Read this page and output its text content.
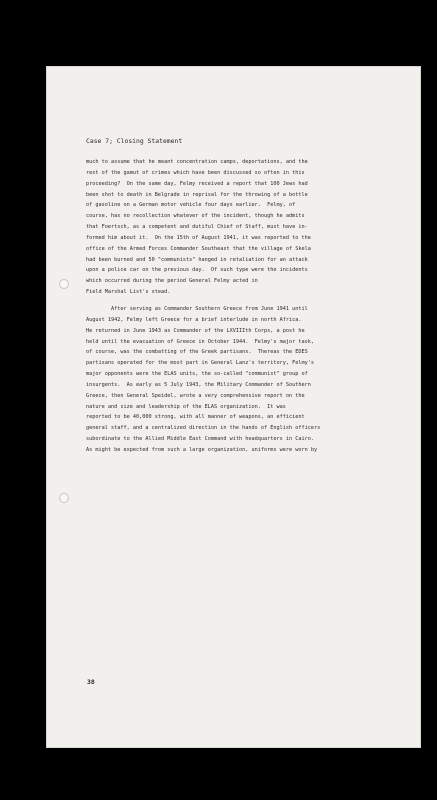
Case 7; Closing Statement
much to assume that he meant concentration camps, deportations, and the
rest of the gamut of crimes which have been discussed so often in this
proceeding?  On the same day, Felmy received a report that 100 Jews had
been shot to death in Belgrade in reprisal for the throwing of a bottle
of gasoline on a German motor vehicle four days earlier.  Felmy, of
course, has no recollection whatever of the incident, though he admits
that Foertsch, as a competent and dutiful Chief of Staff, must have in-
formed him about it.  On the 15th of August 1941, it was reported to the
office of the Armed Forces Commander Southeast that the village of Skela
had been burned and 50 "communists" hanged in retaliation for an attack
upon a police car on the previous day.  Of such type were the incidents
which occurred during the period General Felmy acted in
Field Marshal List's stead.
After serving as Commander Southern Greece from June 1941 until
August 1942, Felmy left Greece for a brief interlude in north Africa.
He returned in June 1943 as Commander of the LXVIIIth Corps, a post he
held until the evacuation of Greece in October 1944.  Felmy's major task,
of course, was the combatting of the Greek partisans.  Thereas the EDES
partisans operated for the most part in General Lanz's territory, Felmy's
major opponents were the ELAS units, the so-called "communist" group of
insurgents.  As early as 5 July 1943, the Military Commander of Southern
Greece, then General Speidel, wrote a very comprehensive report on the
nature and size and leadership of the ELAS organization.  It was
reported to be 40,000 strong, with all manner of weapons, an efficient
general staff, and a centralized direction in the hands of English officers
subordinate to the Allied Middle East Command with headquarters in Cairo.
As might be expected from such a large organization, uniforms were worn by
38
